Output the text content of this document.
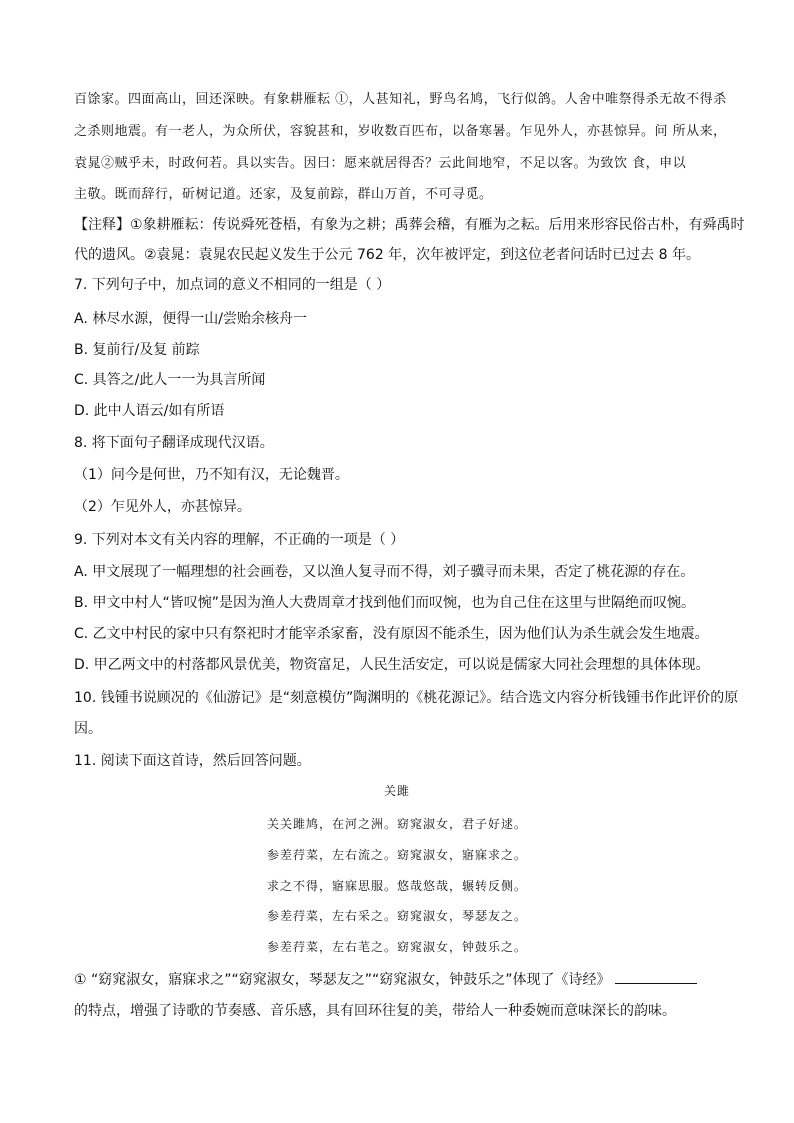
百馀家。四面高山，回还深映。有象耕雁耘 ①，人甚知礼，野鸟名鸠，飞行似鸽。人舍中唯祭得杀无故不得杀
之杀则地震。有一老人，为众所伏，容貌甚和，岁收数百匹布，以备寒暑。乍见外人，亦甚惊异。问 所从来，
袁晁②贼乎未，时政何若。具以实告。因曰：愿来就居得否？云此间地窄，不足以客。为致饮 食，申以
主敬。既而辞行，斫树记道。还家，及复前踪，群山万首，不可寻觅。
【注释】①象耕雁耘：传说舜死苍梧，有象为之耕；禹葬会稽，有雁为之耘。后用来形容民俗古朴，有舜禹时
代的遗风。②袁晁：袁晁农民起义发生于公元 762 年，次年被评定，到这位老者问话时已过去 8 年。
7. 下列句子中，加点词的意义不相同的一组是（ ）
A. 林尽水源，便得一山/尝贻余核舟一
B. 复前行/及复 前踪
C. 具答之/此人一一为具言所闻
D. 此中人语云/如有所语
8. 将下面句子翻译成现代汉语。
（1）问今是何世，乃不知有汉，无论魏晋。
（2）乍见外人，亦甚惊异。
9. 下列对本文有关内容的理解，不正确的一项是（ ）
A. 甲文展现了一幅理想的社会画卷，又以渔人复寻而不得，刘子骥寻而未果，否定了桃花源的存在。
B. 甲文中村人“皆叹惋”是因为渔人大费周章才找到他们而叹惋，也为自己住在这里与世隔绝而叹惋。
C. 乙文中村民的家中只有祭祀时才能宰杀家畜，没有原因不能杀生，因为他们认为杀生就会发生地震。
D. 甲乙两文中的村落都风景优美，物资富足，人民生活安定，可以说是儒家大同社会理想的具体体现。
10. 钱锺书说顾况的《仙游记》是“刻意模仿”陶渊明的《桃花源记》。结合选文内容分析钱锺书作此评价的原
因。
11. 阅读下面这首诗，然后回答问题。
关雎
关关雎鸠，在河之洲。窈窕淑女，君子好逑。
参差荇菜，左右流之。窈窕淑女，寤寐求之。
求之不得，寤寐思服。悠哉悠哉，辗转反侧。
参差荇菜，左右采之。窈窕淑女，琴瑟友之。
参差荇菜，左右芼之。窈窕淑女，钟鼓乐之。
① “窈窕淑女，寤寐求之”“窈窕淑女，琴瑟友之”“窈窕淑女，钟鼓乐之”体现了《诗经》
的特点，增强了诗歌的节奏感、音乐感，具有回环往复的美，带给人一种委婉而意味深长的韵味。
